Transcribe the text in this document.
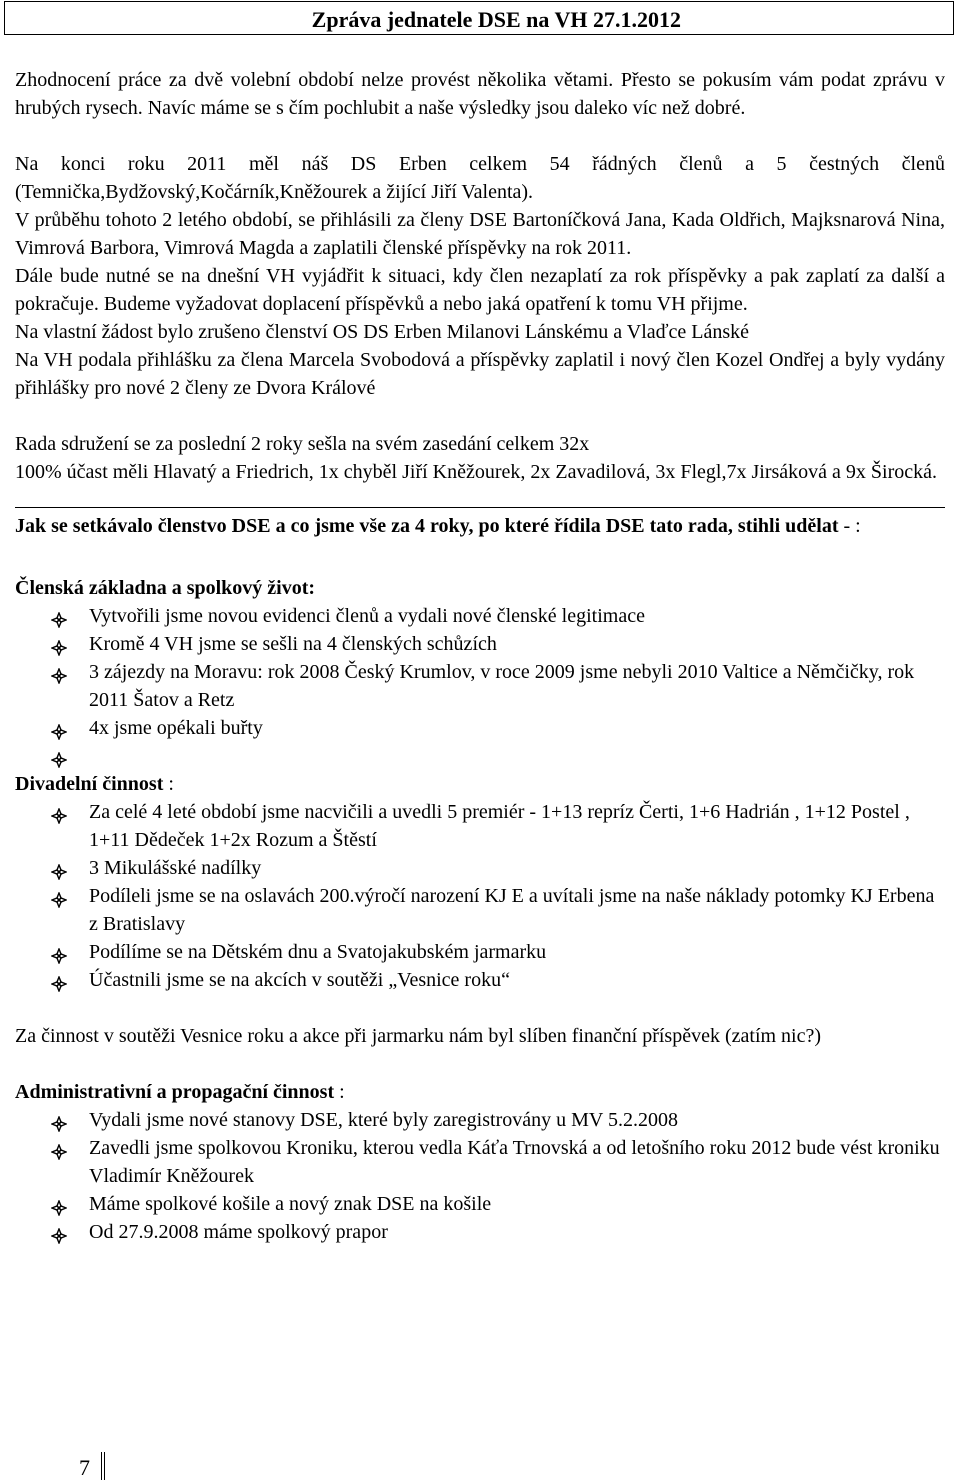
Zpráva jednatele DSE na VH 27.1.2012

Zhodnocení práce za dvě volební období nelze provést několika větami. Přesto se pokusím vám podat zprávu v hrubých rysech. Navíc máme se s čím pochlubit a naše výsledky jsou daleko víc než dobré.

Na konci roku 2011 měl náš DS Erben celkem 54 řádných členů a 5 čestných členů (Temnička,Bydžovský,Kočárník,Kněžourek a žijící Jiří Valenta).

V průběhu tohoto 2 letého období, se přihlásili za členy DSE Bartoníčková Jana, Kada Oldřich, Majksnarová Nina, Vimrová Barbora, Vimrová Magda a zaplatili členské příspěvky na rok 2011.

Dále bude nutné se na dnešní VH vyjádřit k situaci, kdy člen nezaplatí za rok příspěvky a pak zaplatí za další a pokračuje. Budeme vyžadovat doplacení příspěvků a nebo jaká opatření k tomu VH přijme.

Na vlastní žádost bylo zrušeno členství OS DS Erben Milanovi Lánskému a Vlaďce Lánské

Na VH podala přihlášku za člena Marcela Svobodová a příspěvky zaplatil i nový člen Kozel Ondřej a byly vydány přihlášky pro nové 2 členy ze Dvora Králové

Rada sdružení se za poslední 2 roky sešla na svém zasedání celkem 32x

100% účast měli Hlavatý a Friedrich, 1x chyběl Jiří Kněžourek, 2x Zavadilová, 3x Flegl,7x Jirsáková a 9x Širocká.

Jak se setkávalo členstvo DSE a co jsme vše za 4 roky, po které řídila DSE tato rada, stihli udělat - :

Členská základna a spolkový život:

Vytvořili jsme novou evidenci členů a vydali nové členské legitimace
Kromě 4 VH jsme se sešli na 4 členských schůzích
3 zájezdy na Moravu: rok 2008 Český Krumlov, v roce 2009 jsme nebyli 2010 Valtice a Němčičky, rok 2011 Šatov a Retz
4x jsme opékali buřty

Divadelní činnost :

Za celé 4 leté období jsme nacvičili a uvedli 5 premiér - 1+13 repríz Čerti, 1+6 Hadrián , 1+12 Postel , 1+11 Dědeček 1+2x Rozum a Štěstí
3 Mikulášské nadílky
Podíleli jsme se na oslavách 200.výročí narození KJ E a uvítali jsme na naše náklady potomky KJ Erbena z Bratislavy
Podílíme se na Dětském dnu a Svatojakubském jarmarku
Účastnili jsme se na akcích v soutěži „Vesnice roku“

Za činnost v soutěži Vesnice roku a akce při jarmarku nám byl slíben finanční příspěvek (zatím nic?)

Administrativní a propagační činnost :

Vydali jsme nové stanovy DSE, které byly zaregistrovány u MV 5.2.2008
Zavedli jsme spolkovou Kroniku, kterou vedla Káťa Trnovská a od letošního roku 2012 bude vést kroniku Vladimír Kněžourek
Máme spolkové košile a nový znak DSE na košile
Od 27.9.2008 máme spolkový prapor
7
